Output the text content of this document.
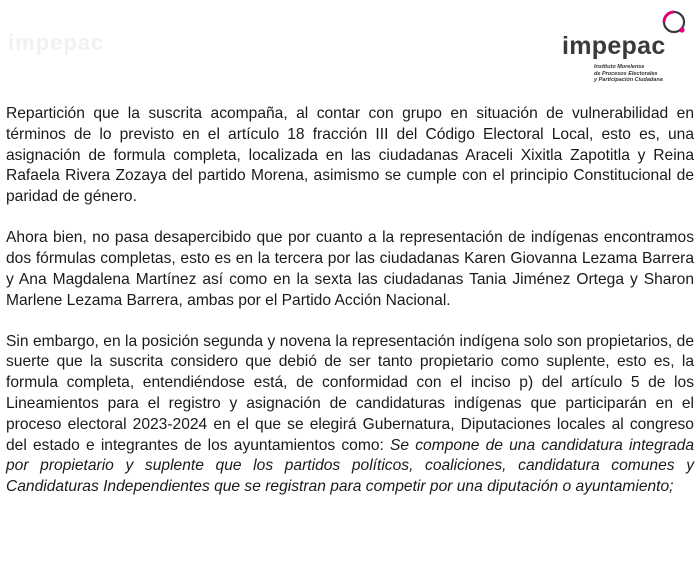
impepac	impepac
Instituto Morelense
de Procesos Electorales
y Participación Ciudadana

Repartición que la suscrita acompaña, al contar con grupo en situación de vulnerabilidad en términos de lo previsto en el artículo 18 fracción III del Código Electoral Local, esto es, una asignación de formula completa, localizada en las ciudadanas Araceli Xixitla Zapotitla y Reina Rafaela Rivera Zozaya del partido Morena, asimismo se cumple con el principio Constitucional de paridad de género.

Ahora bien, no pasa desapercibido que por cuanto a la representación de indígenas encontramos dos fórmulas completas, esto es en la tercera por las ciudadanas Karen Giovanna Lezama Barrera y Ana Magdalena Martínez así como en la sexta las ciudadanas Tania Jiménez Ortega y Sharon Marlene Lezama Barrera, ambas por el Partido Acción Nacional.

Sin embargo, en la posición segunda y novena la representación indígena solo son propietarios, de suerte que la suscrita considero que debió de ser tanto propietario como suplente, esto es, la formula completa, entendiéndose está, de conformidad con el inciso p) del artículo 5 de los Lineamientos para el registro y asignación de candidaturas indígenas que participarán en el proceso electoral 2023-2024 en el que se elegirá Gubernatura, Diputaciones locales al congreso del estado e integrantes de los ayuntamientos como: Se compone de una candidatura integrada por propietario y suplente que los partidos políticos, coaliciones, candidatura comunes y Candidaturas Independientes que se registran para competir por una diputación o ayuntamiento;
